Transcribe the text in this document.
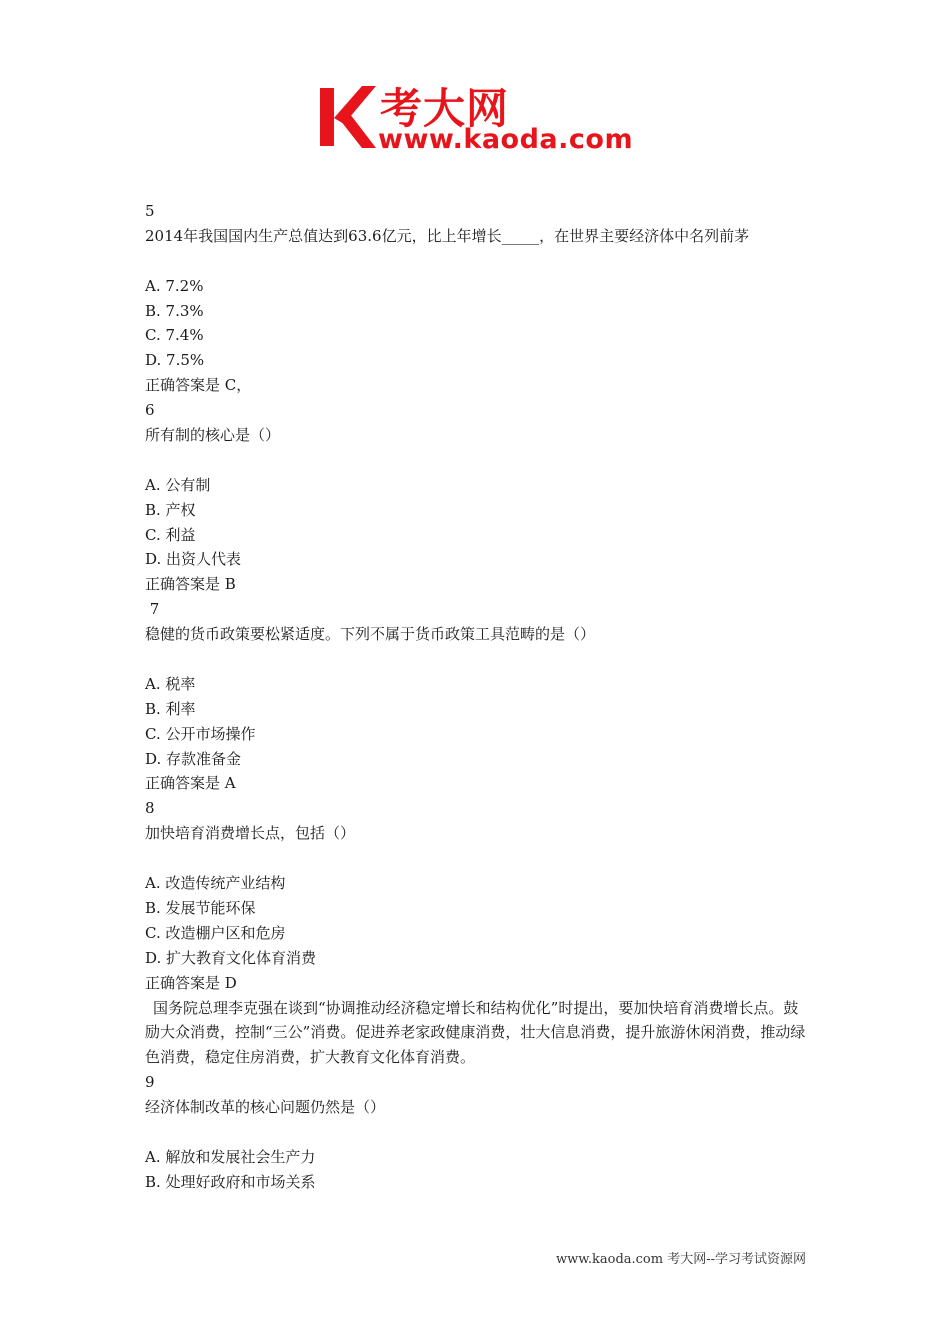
考大网
www.kaoda.com
5
2014年我国国内生产总值达到63.6亿元，比上年增长_____，在世界主要经济体中名列前茅
A. 7.2%
B. 7.3%
C. 7.4%
D. 7.5%
正确答案是 C，
6
所有制的核心是（）
A. 公有制
B. 产权
C. 利益
D. 出资人代表
正确答案是 B
7
稳健的货币政策要松紧适度。下列不属于货币政策工具范畴的是（）
A. 税率
B. 利率
C. 公开市场操作
D. 存款准备金
正确答案是 A
8
加快培育消费增长点，包括（）
A. 改造传统产业结构
B. 发展节能环保
C. 改造棚户区和危房
D. 扩大教育文化体育消费
正确答案是 D
国务院总理李克强在谈到“协调推动经济稳定增长和结构优化”时提出，要加快培育消费增长点。鼓励大众消费，控制“三公”消费。促进养老家政健康消费，壮大信息消费，提升旅游休闲消费，推动绿色消费，稳定住房消费，扩大教育文化体育消费。
9
经济体制改革的核心问题仍然是（）
A. 解放和发展社会生产力
B. 处理好政府和市场关系
www.kaoda.com 考大网--学习考试资源网
